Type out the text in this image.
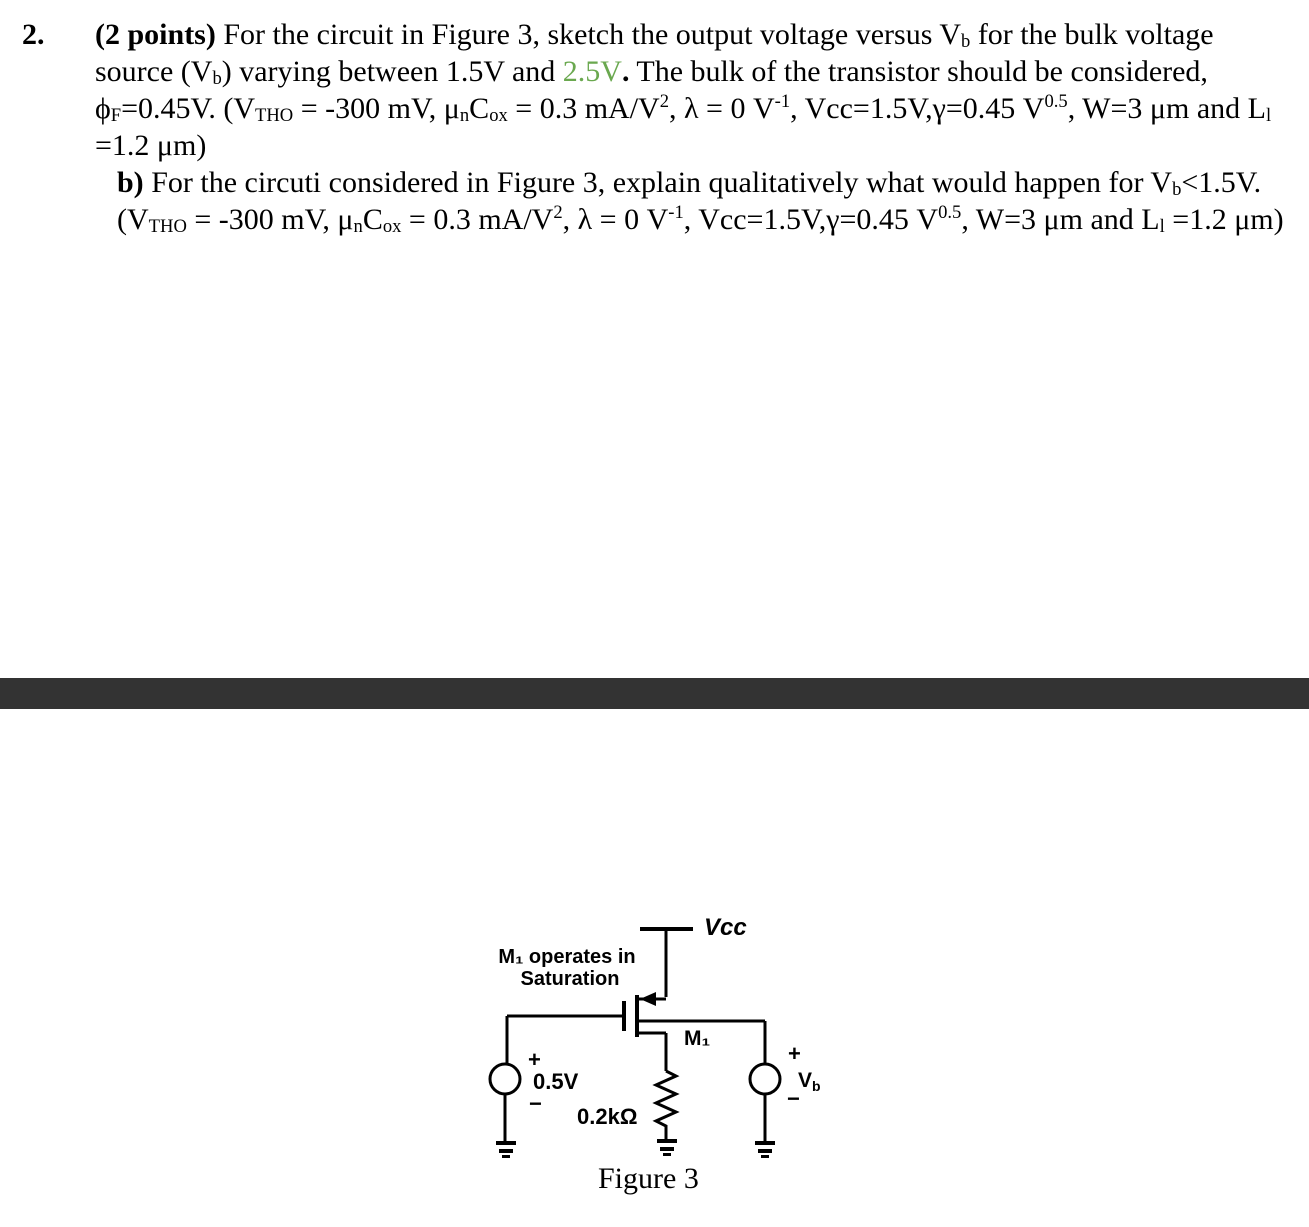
2. (2 points) For the circuit in Figure 3, sketch the output voltage versus $V_b$ for the bulk voltage source $(V_b)$ varying between 1.5V and 2.5V. The bulk of the transistor should be considered, $\phi_F=0.45V$. ($V_{THO} = -300$ mV, $\mu_nC_{ox} = 0.3$ $mA/V^2$, λ = 0 $V^{-1}$, Vcc=1.5V,γ=0.45 $V^{0.5}$, W=3 μm and $L_l =1.2$ μm)
b) For the circuti considered in Figure 3, explain qualitatively what would happen for $V_b<1.5V$. ($V_{THO} = -300$ mV, $\mu_nC_{ox} = 0.3$ $mA/V^2$, λ = 0 $V^{-1}$, Vcc=1.5V,γ=0.45 $V^{0.5}$, W=3 μm and $L_l =1.2$ μm)
Vcc
M₁ operates in
Saturation
M₁
+
0.5V
−
0.2kΩ
+
Vb
−
Figure 3
